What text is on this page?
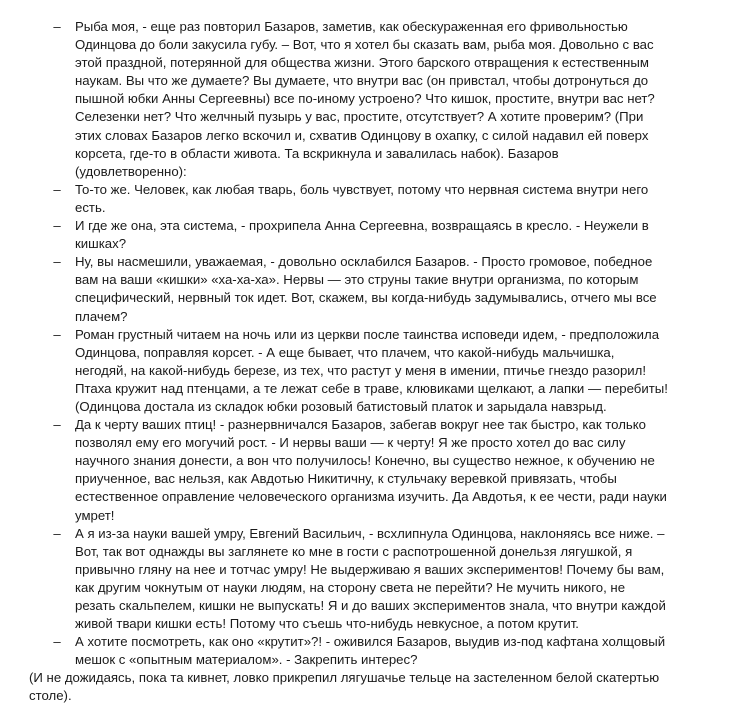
– Рыба моя, - еще раз повторил Базаров, заметив, как обескураженная его фривольностью Одинцова до боли закусила губу. – Вот, что я хотел бы сказать вам, рыба моя. Довольно с вас этой праздной, потерянной для общества жизни. Этого барского отвращения к естественным наукам. Вы что же думаете? Вы думаете, что внутри вас (он привстал, чтобы дотронуться до пышной юбки Анны Сергеевны) все по-иному устроено? Что кишок, простите, внутри вас нет? Селезенки нет? Что желчный пузырь у вас, простите, отсутствует? А хотите проверим? (При этих словах Базаров легко вскочил и, схватив Одинцову в охапку, с силой надавил ей поверх корсета, где-то в области живота. Та вскрикнула и завалилась набок). Базаров (удовлетворенно):
– То-то же. Человек, как любая тварь, боль чувствует, потому что нервная система внутри него есть.
– И где же она, эта система, - прохрипела Анна Сергеевна, возвращаясь в кресло. - Неужели в кишках?
– Ну, вы насмешили, уважаемая, - довольно осклабился Базаров. - Просто громовое, победное вам на ваши «кишки» «ха-ха-ха». Нервы — это струны такие внутри организма, по которым специфический, нервный ток идет. Вот, скажем, вы когда-нибудь задумывались, отчего мы все плачем?
– Роман грустный читаем на ночь или из церкви после таинства исповеди идем, - предположила Одинцова, поправляя корсет. - А еще бывает, что плачем, что какой-нибудь мальчишка, негодяй, на какой-нибудь березе, из тех, что растут у меня в имении, птичье гнездо разорил! Птаха кружит над птенцами, а те лежат себе в траве, клювиками щелкают, а лапки — перебиты! (Одинцова достала из складок юбки розовый батистовый платок и зарыдала навзрыд.
– Да к черту ваших птиц! - разнервничался Базаров, забегав вокруг нее так быстро, как только позволял ему его могучий рост. - И нервы ваши — к черту! Я же просто хотел до вас силу научного знания донести, а вон что получилось! Конечно, вы существо нежное, к обучению не приученное, вас нельзя, как Авдотью Никитичну, к стульчаку веревкой привязать, чтобы естественное оправление человеческого организма изучить. Да Авдотья, к ее чести, ради науки умрет!
– А я из-за науки вашей умру, Евгений Васильич, - всхлипнула Одинцова, наклоняясь все ниже. – Вот, так вот однажды вы заглянете ко мне в гости с распотрошенной донельзя лягушкой, я привычно гляну на нее и тотчас умру! Не выдерживаю я ваших экспериментов! Почему бы вам, как другим чокнутым от науки людям, на сторону света не перейти? Не мучить никого, не резать скальпелем, кишки не выпускать! Я и до ваших экспериментов знала, что внутри каждой живой твари кишки есть! Потому что съешь что-нибудь невкусное, а потом крутит.
– А хотите посмотреть, как оно «крутит»?! - оживился Базаров, выудив из-под кафтана холщовый мешок с «опытным материалом». - Закрепить интерес?

(И не дожидаясь, пока та кивнет, ловко прикрепил лягушачье тельце на застеленном белой скатертью столе).
